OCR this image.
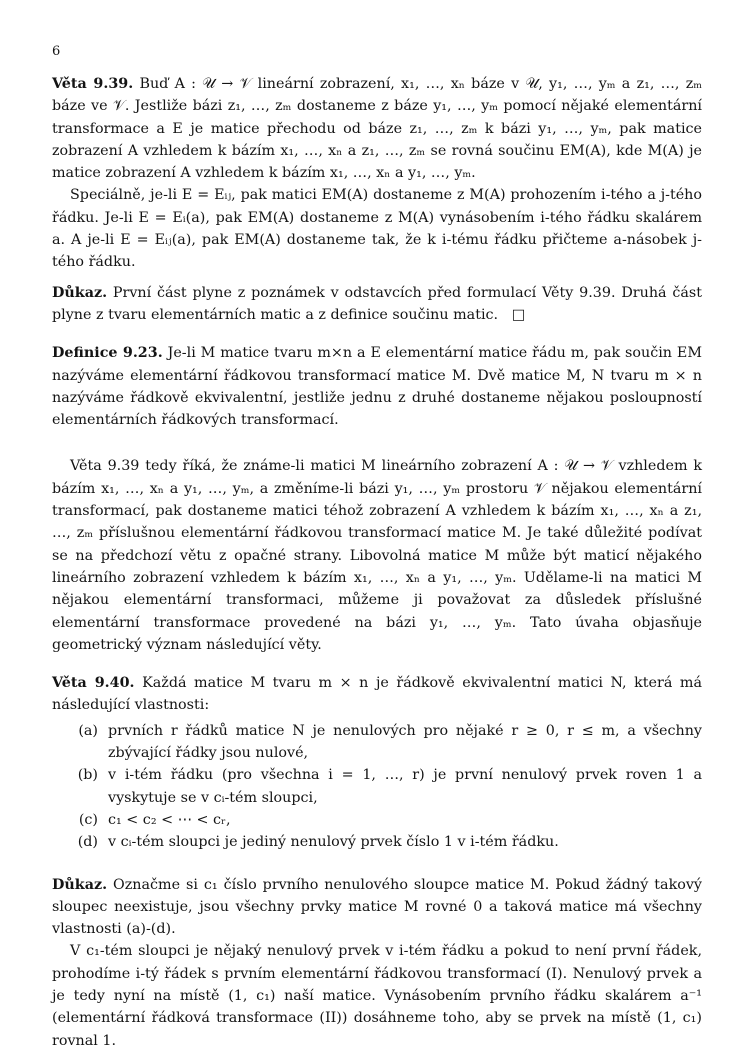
6

Věta 9.39. Buď A : 𝒰 → 𝒱 lineární zobrazení, x₁, …, xₙ báze v 𝒰, y₁, …, yₘ a z₁, …, zₘ báze ve 𝒱. Jestliže bázi z₁, …, zₘ dostaneme z báze y₁, …, yₘ pomocí nějaké elementární transformace a E je matice přechodu od báze z₁, …, zₘ k bázi y₁, …, yₘ, pak matice zobrazení A vzhledem k bázím x₁, …, xₙ a z₁, …, zₘ se rovná součinu EM(A), kde M(A) je matice zobrazení A vzhledem k bázím x₁, …, xₙ a y₁, …, yₘ.

Speciálně, je-li E = Eᵢⱼ, pak matici EM(A) dostaneme z M(A) prohozením i-tého a j-tého řádku. Je-li E = Eᵢ(a), pak EM(A) dostaneme z M(A) vynásobením i-tého řádku skalárem a. A je-li E = Eᵢⱼ(a), pak EM(A) dostaneme tak, že k i-tému řádku přičteme a-násobek j-tého řádku.

Důkaz. První část plyne z poznámek v odstavcích před formulací Věty 9.39. Druhá část plyne z tvaru elementárních matic a z definice součinu matic. □

Definice 9.23. Je-li M matice tvaru m×n a E elementární matice řádu m, pak součin EM nazýváme elementární řádkovou transformací matice M. Dvě matice M, N tvaru m × n nazýváme řádkově ekvivalentní, jestliže jednu z druhé dostaneme nějakou posloupností elementárních řádkových transformací.

Věta 9.39 tedy říká, že známe-li matici M lineárního zobrazení A : 𝒰 → 𝒱 vzhledem k bázím x₁, …, xₙ a y₁, …, yₘ, a změníme-li bázi y₁, …, yₘ prostoru 𝒱 nějakou elementární transformací, pak dostaneme matici téhož zobrazení A vzhledem k bázím x₁, …, xₙ a z₁, …, zₘ příslušnou elementární řádkovou transformací matice M. Je také důležité podívat se na předchozí větu z opačné strany. Libovolná matice M může být maticí nějakého lineárního zobrazení vzhledem k bázím x₁, …, xₙ a y₁, …, yₘ. Udělame-li na matici M nějakou elementární transformaci, můžeme ji považovat za důsledek příslušné elementární transformace provedené na bázi y₁, …, yₘ. Tato úvaha objasňuje geometrický význam následující věty.

Věta 9.40. Každá matice M tvaru m × n je řádkově ekvivalentní matici N, která má následující vlastnosti:

(a) prvních r řádků matice N je nenulových pro nějaké r ≥ 0, r ≤ m, a všechny zbývající řádky jsou nulové,
(b) v i-tém řádku (pro všechna i = 1, …, r) je první nenulový prvek roven 1 a vyskytuje se v cᵢ-tém sloupci,
(c) c₁ < c₂ < ⋯ < cᵣ,
(d) v cᵢ-tém sloupci je jediný nenulový prvek číslo 1 v i-tém řádku.

Důkaz. Označme si c₁ číslo prvního nenulového sloupce matice M. Pokud žádný takový sloupec neexistuje, jsou všechny prvky matice M rovné 0 a taková matice má všechny vlastnosti (a)-(d).

V c₁-tém sloupci je nějaký nenulový prvek v i-tém řádku a pokud to není první řádek, prohodíme i-tý řádek s prvním elementární řádkovou transformací (I). Nenulový prvek a je tedy nyní na místě (1, c₁) naší matice. Vynásobením prvního řádku skalárem a⁻¹ (elementární řádková transformace (II)) dosáhneme toho, aby se prvek na místě (1, c₁) rovnal 1.
